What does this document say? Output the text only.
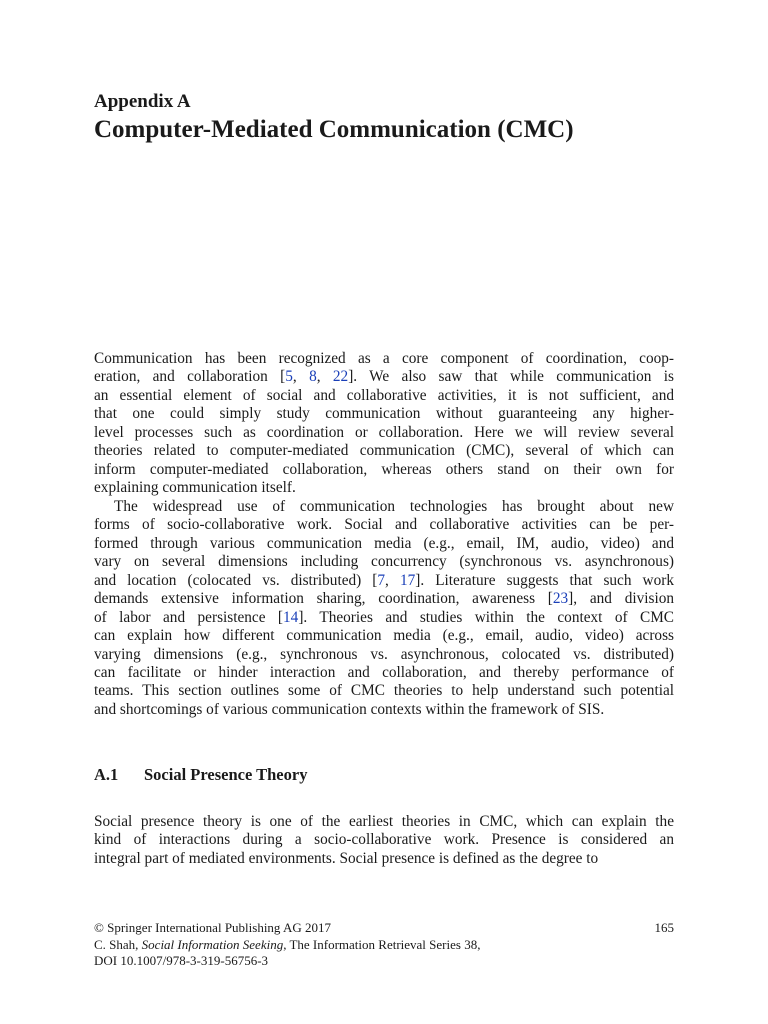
Appendix A
Computer-Mediated Communication (CMC)
Communication has been recognized as a core component of coordination, coop-
eration, and collaboration [5, 8, 22]. We also saw that while communication is
an essential element of social and collaborative activities, it is not sufficient, and
that one could simply study communication without guaranteeing any higher-
level processes such as coordination or collaboration. Here we will review several
theories related to computer-mediated communication (CMC), several of which can
inform computer-mediated collaboration, whereas others stand on their own for
explaining communication itself.
The widespread use of communication technologies has brought about new
forms of socio-collaborative work. Social and collaborative activities can be per-
formed through various communication media (e.g., email, IM, audio, video) and
vary on several dimensions including concurrency (synchronous vs. asynchronous)
and location (colocated vs. distributed) [7, 17]. Literature suggests that such work
demands extensive information sharing, coordination, awareness [23], and division
of labor and persistence [14]. Theories and studies within the context of CMC
can explain how different communication media (e.g., email, audio, video) across
varying dimensions (e.g., synchronous vs. asynchronous, colocated vs. distributed)
can facilitate or hinder interaction and collaboration, and thereby performance of
teams. This section outlines some of CMC theories to help understand such potential
and shortcomings of various communication contexts within the framework of SIS.
A.1 Social Presence Theory
Social presence theory is one of the earliest theories in CMC, which can explain the
kind of interactions during a socio-collaborative work. Presence is considered an
integral part of mediated environments. Social presence is defined as the degree to
© Springer International Publishing AG 2017
C. Shah, Social Information Seeking, The Information Retrieval Series 38,
DOI 10.1007/978-3-319-56756-3
165
